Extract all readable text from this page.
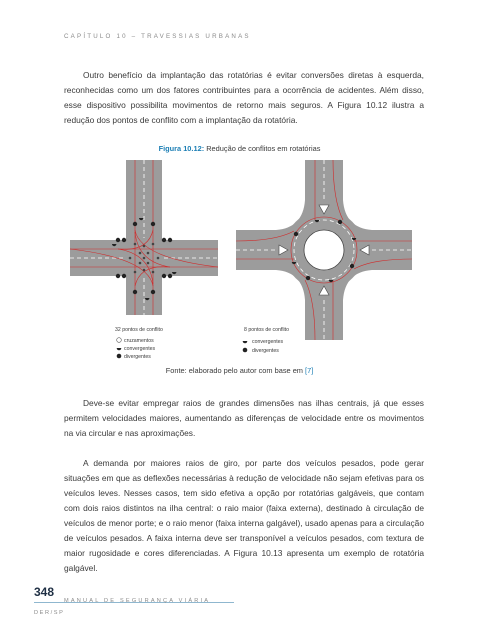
CAPÍTULO 10 – TRAVESSIAS URBANAS

Outro benefício da implantação das rotatórias é evitar conversões diretas à esquerda, reconhecidas como um dos fatores contribuintes para a ocorrência de acidentes. Além disso, esse dispositivo possibilita movimentos de retorno mais seguros. A Figura 10.12 ilustra a redução dos pontos de conflito com a implantação da rotatória.

Figura 10.12: Redução de conflitos em rotatórias
32 pontos de conflito
cruzamentos
convergentes
divergentes
8 pontos de conflito
convergentes
divergentes
Fonte: elaborado pelo autor com base em [7]

Deve-se evitar empregar raios de grandes dimensões nas ilhas centrais, já que esses permitem velocidades maiores, aumentando as diferenças de velocidade entre os movimentos na via circular e nas aproximações.

A demanda por maiores raios de giro, por parte dos veículos pesados, pode gerar situações em que as deflexões necessárias à redução de velocidade não sejam efetivas para os veículos leves. Nesses casos, tem sido efetiva a opção por rotatórias galgáveis, que contam com dois raios distintos na ilha central: o raio maior (faixa externa), destinado à circulação de veículos de menor porte; e o raio menor (faixa interna galgável), usado apenas para a circulação de veículos pesados. A faixa interna deve ser transponível a veículos pesados, com textura de maior rugosidade e cores diferenciadas. A Figura 10.13 apresenta um exemplo de rotatória galgável.

348
MANUAL DE SEGURANÇA VIÁRIA
DER/SP
